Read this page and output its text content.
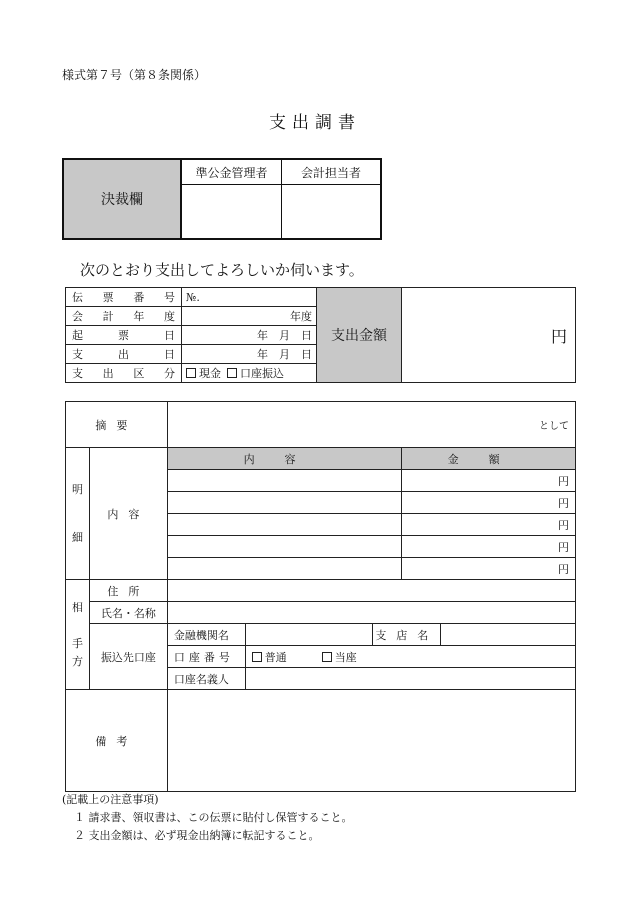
様式第７号（第８条関係）
支出調書
決裁欄
準公金管理者	会計担当者
次のとおり支出してよろしいか伺います。
伝 票 番 号	№.
会 計 年 度	年度
起	票	日	年　月　日
支	出	日	年　月　日
支 出 区 分 現金 口座振込
支出金額	円
摘要		として				
明
細	内容	内容			金額	
					円	
					円	
					円	
					円	
					円	
相

手
方	住所					
	氏名・名称					
	振込先口座	金融機関名		支店名		
		口座番号	普通 当座			
		口座名義人				
備考						
(記載上の注意事項)
１ 請求書、領収書は、この伝票に貼付し保管すること。
２ 支出金額は、必ず現金出納簿に転記すること。
